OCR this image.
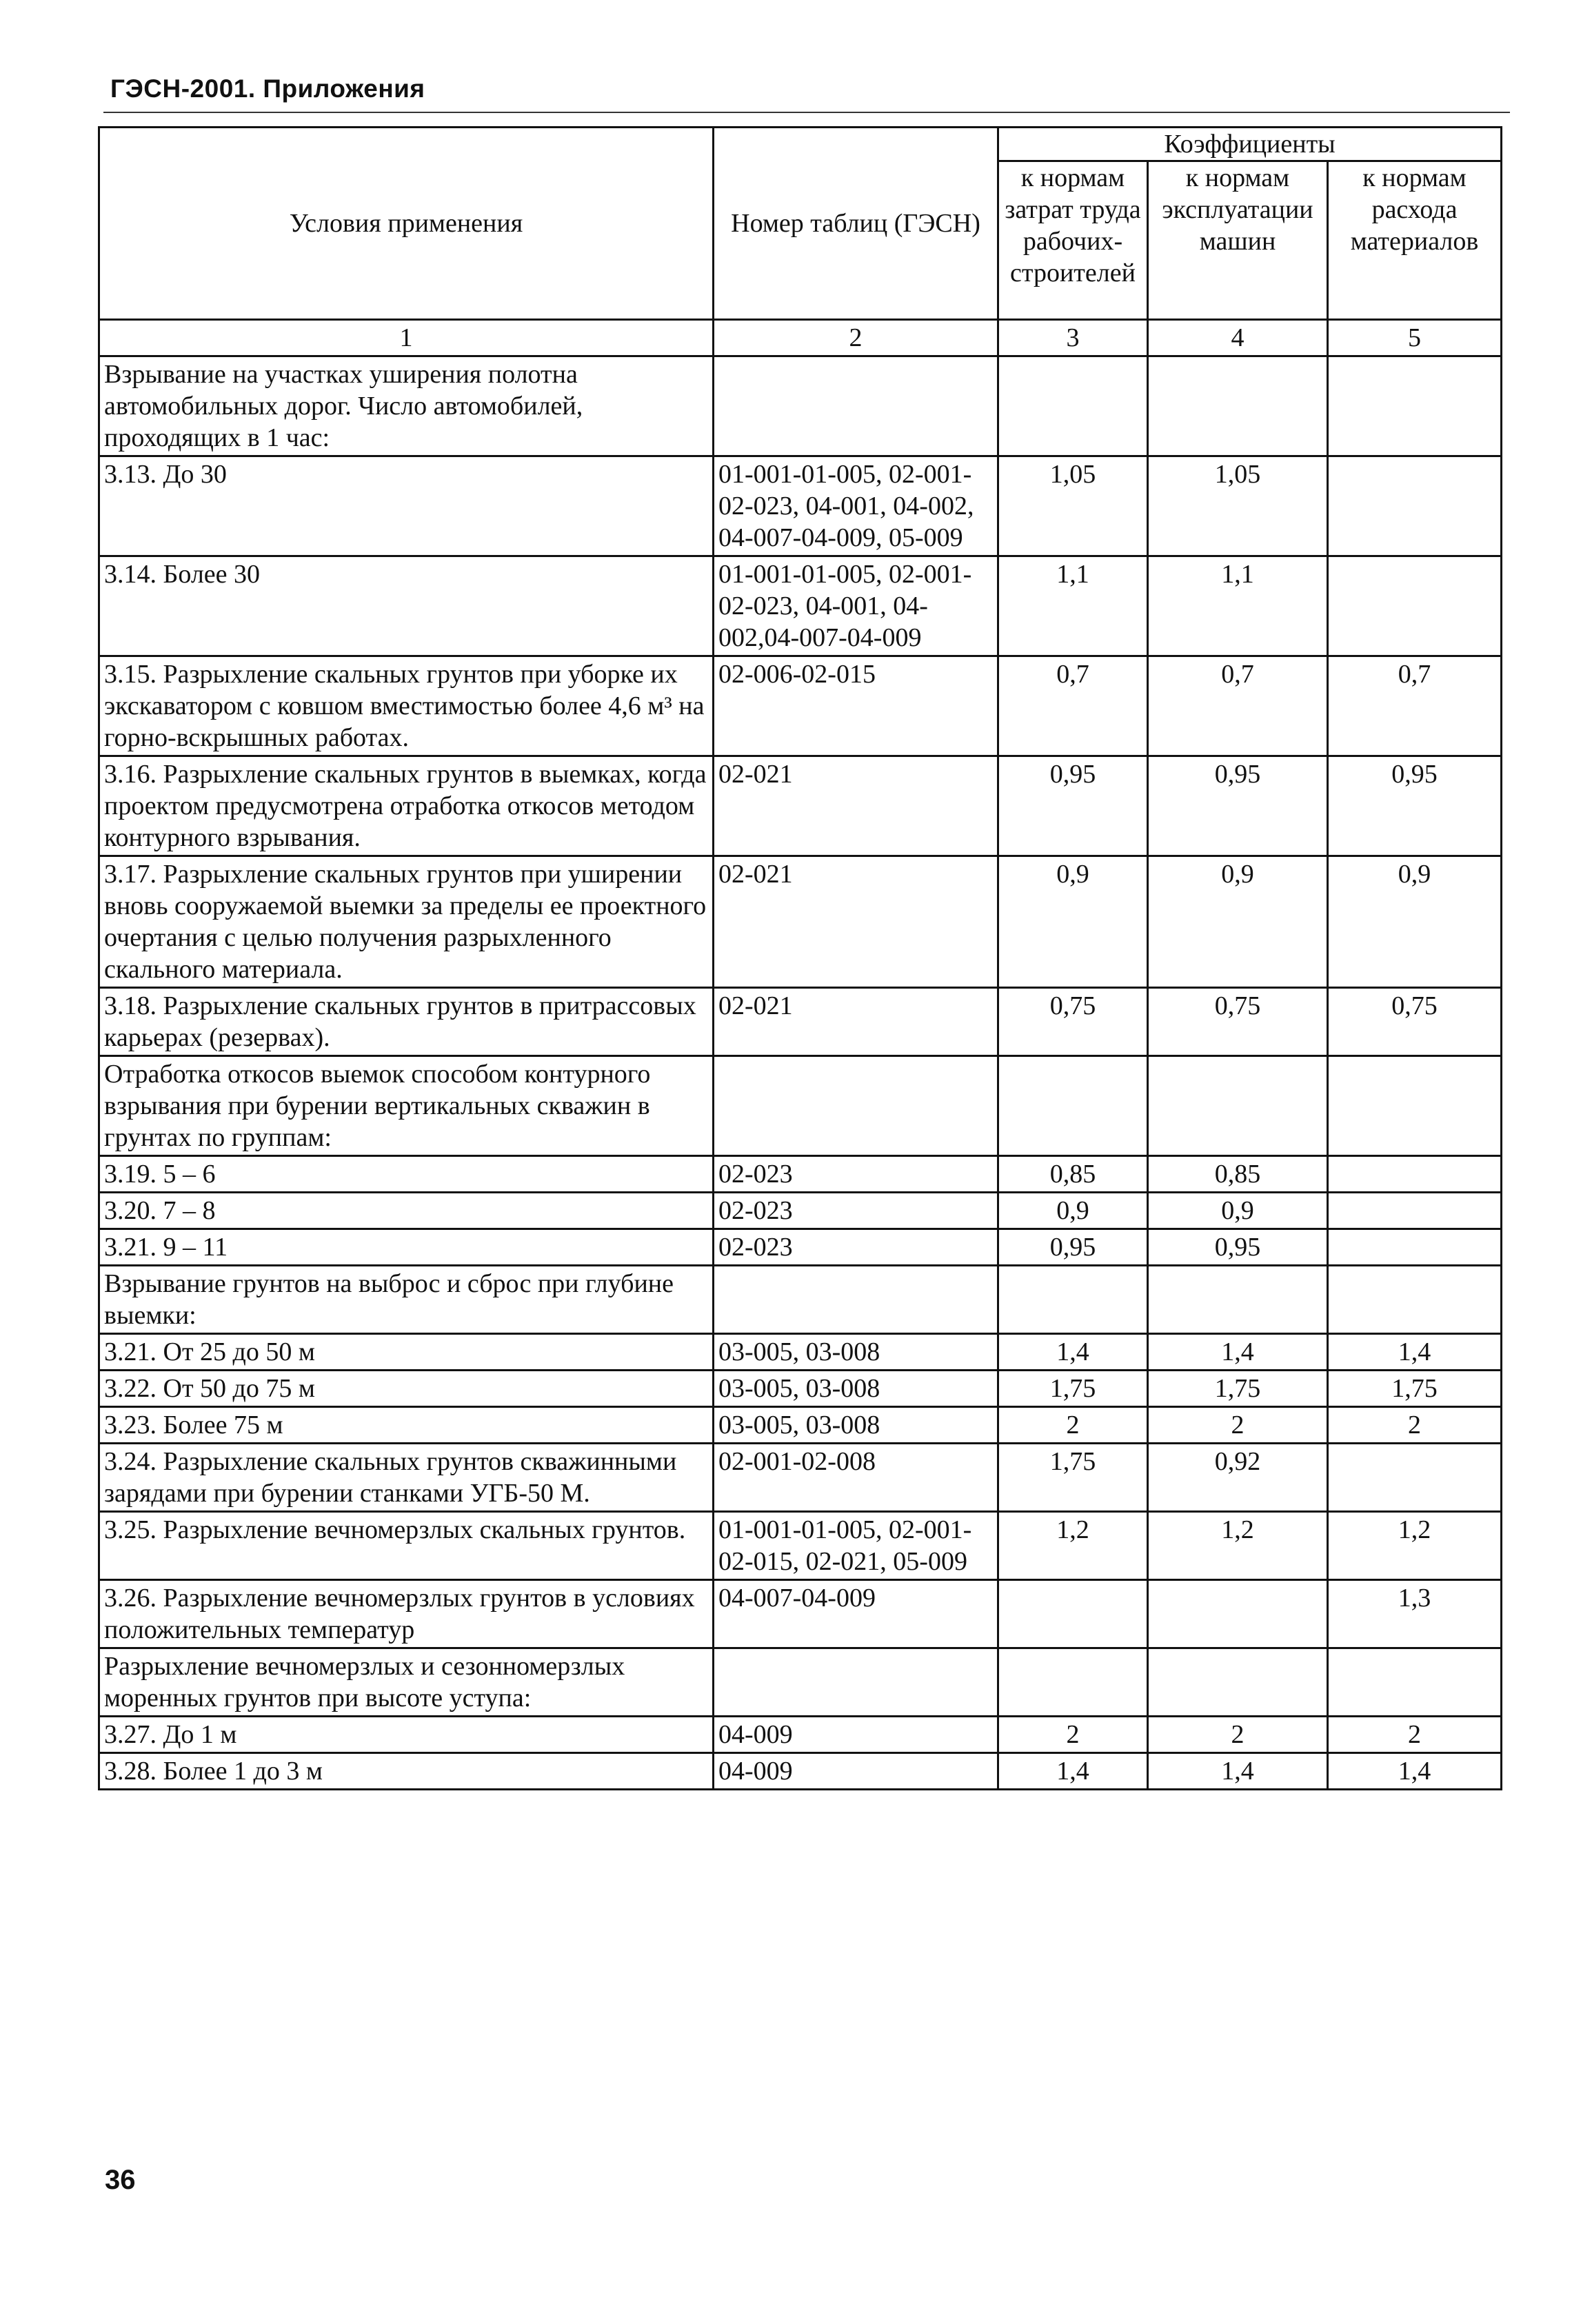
ГЭСН-2001. Приложения
Условия применения	Номер таблиц (ГЭСН)	Коэффициенты		
		к нормам затрат труда рабочих-строителей	к нормам эксплуатации машин	к нормам расхода материалов
1	2	3	4	5
Взрывание на участках уширения полотна автомобильных дорог. Число автомобилей, проходящих в 1 час:				
3.13. До 30	01-001-01-005, 02-001-02-023, 04-001, 04-002, 04-007-04-009, 05-009	1,05	1,05	
3.14. Более 30	01-001-01-005, 02-001-02-023, 04-001, 04-002,04-007-04-009	1,1	1,1	
3.15. Разрыхление скальных грунтов при уборке их экскаватором с ковшом вместимостью более 4,6 м³ на горно-вскрышных работах.	02-006-02-015	0,7	0,7	0,7
3.16. Разрыхление скальных грунтов в выемках, когда проектом предусмотрена отработка откосов методом контурного взрывания.	02-021	0,95	0,95	0,95
3.17. Разрыхление скальных грунтов при уширении вновь сооружаемой выемки за пределы ее проектного очертания с целью получения разрыхленного скального материала.	02-021	0,9	0,9	0,9
3.18. Разрыхление скальных грунтов в притрассовых карьерах (резервах).	02-021	0,75	0,75	0,75
Отработка откосов выемок способом контурного взрывания при бурении вертикальных скважин в грунтах по группам:				
3.19. 5 – 6	02-023	0,85	0,85	
3.20. 7 – 8	02-023	0,9	0,9	
3.21. 9 – 11	02-023	0,95	0,95	
Взрывание грунтов на выброс и сброс при глубине выемки:				
3.21. От 25 до 50 м	03-005, 03-008	1,4	1,4	1,4
3.22. От 50 до 75 м	03-005, 03-008	1,75	1,75	1,75
3.23. Более 75 м	03-005, 03-008	2	2	2
3.24. Разрыхление скальных грунтов скважинными зарядами при бурении станками УГБ-50 М.	02-001-02-008	1,75	0,92	
3.25. Разрыхление вечномерзлых скальных грунтов.	01-001-01-005, 02-001-02-015, 02-021, 05-009	1,2	1,2	1,2
3.26. Разрыхление вечномерзлых грунтов в условиях положительных температур	04-007-04-009			1,3
Разрыхление вечномерзлых и сезонномерзлых моренных грунтов при высоте уступа:				
3.27. До 1 м	04-009	2	2	2
3.28. Более 1 до 3 м	04-009	1,4	1,4	1,4
36
